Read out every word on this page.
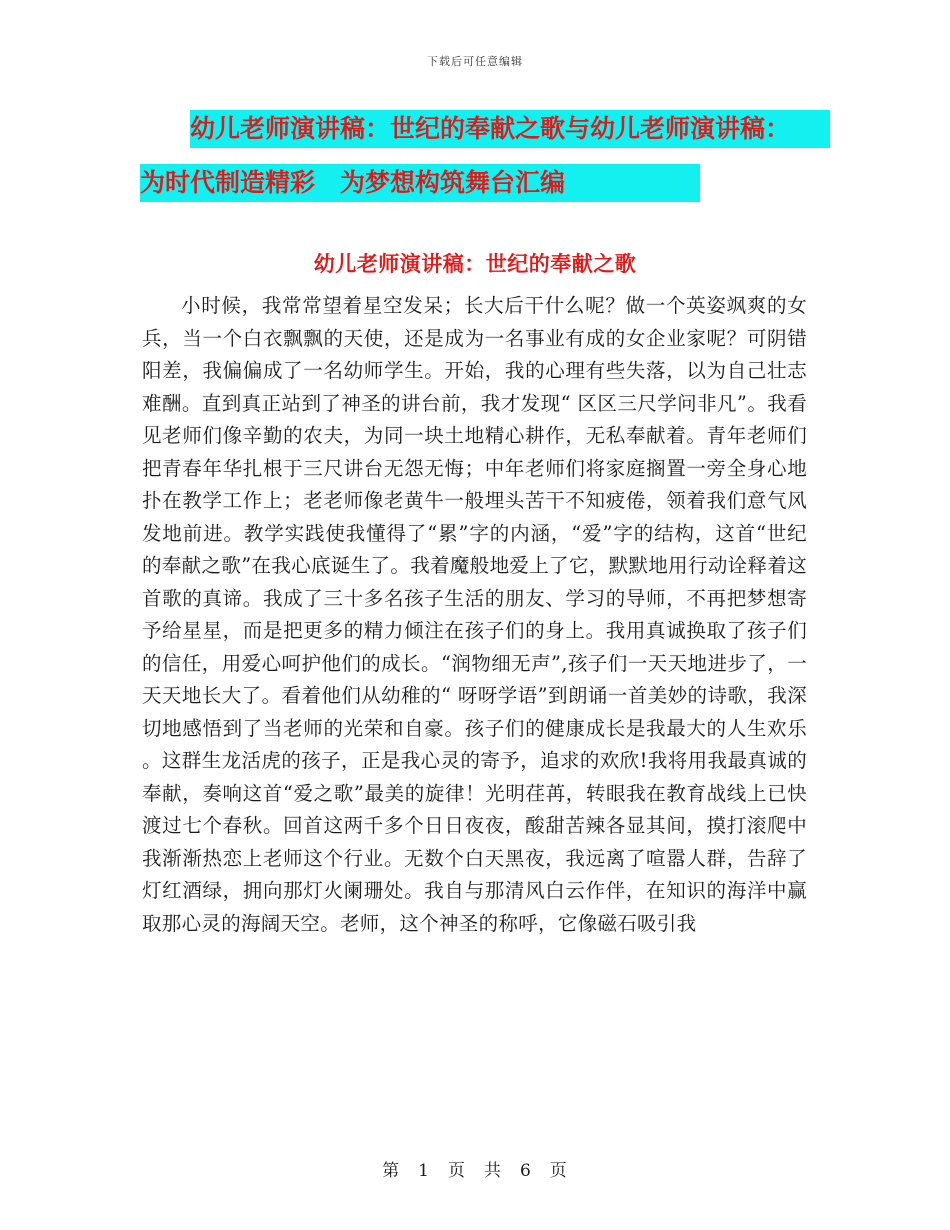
下载后可任意编辑
幼儿老师演讲稿：世纪的奉献之歌与幼儿老师演讲稿：
为时代制造精彩　为梦想构筑舞台汇编
幼儿老师演讲稿：世纪的奉献之歌

小时候，我常常望着星空发呆；长大后干什么呢？做一个英姿飒爽的女兵，当一个白衣飘飘的天使，还是成为一名事业有成的女企业家呢？可阴错阳差，我偏偏成了一名幼师学生。开始，我的心理有些失落，以为自己壮志难酬。直到真正站到了神圣的讲台前，我才发现“ 区区三尺学问非凡”。我看见老师们像辛勤的农夫，为同一块土地精心耕作，无私奉献着。青年老师们把青春年华扎根于三尺讲台无怨无悔；中年老师们将家庭搁置一旁全身心地扑在教学工作上；老老师像老黄牛一般埋头苦干不知疲倦，领着我们意气风发地前进。教学实践使我懂得了“累”字的内涵，“爱”字的结构，这首“世纪的奉献之歌”在我心底诞生了。我着魔般地爱上了它，默默地用行动诠释着这首歌的真谛。我成了三十多名孩子生活的朋友、学习的导师，不再把梦想寄予给星星，而是把更多的精力倾注在孩子们的身上。我用真诚换取了孩子们的信任，用爱心呵护他们的成长。“润物细无声”,孩子们一天天地进步了，一天天地长大了。看着他们从幼稚的“ 呀呀学语”到朗诵一首美妙的诗歌，我深切地感悟到了当老师的光荣和自豪。孩子们的健康成长是我最大的人生欢乐 。这群生龙活虎的孩子，正是我心灵的寄予，追求的欢欣!我将用我最真诚的奉献，奏响这首“爱之歌”最美的旋律！光明荏苒，转眼我在教育战线上已快渡过七个春秋。回首这两千多个日日夜夜，酸甜苦辣各显其间，摸打滚爬中我渐渐热恋上老师这个行业。无数个白天黑夜，我远离了喧嚣人群，告辞了灯红酒绿，拥向那灯火阑珊处。我自与那清风白云作伴，在知识的海洋中赢取那心灵的海阔天空。老师，这个神圣的称呼，它像磁石吸引我

第　1　页　共　6　页
